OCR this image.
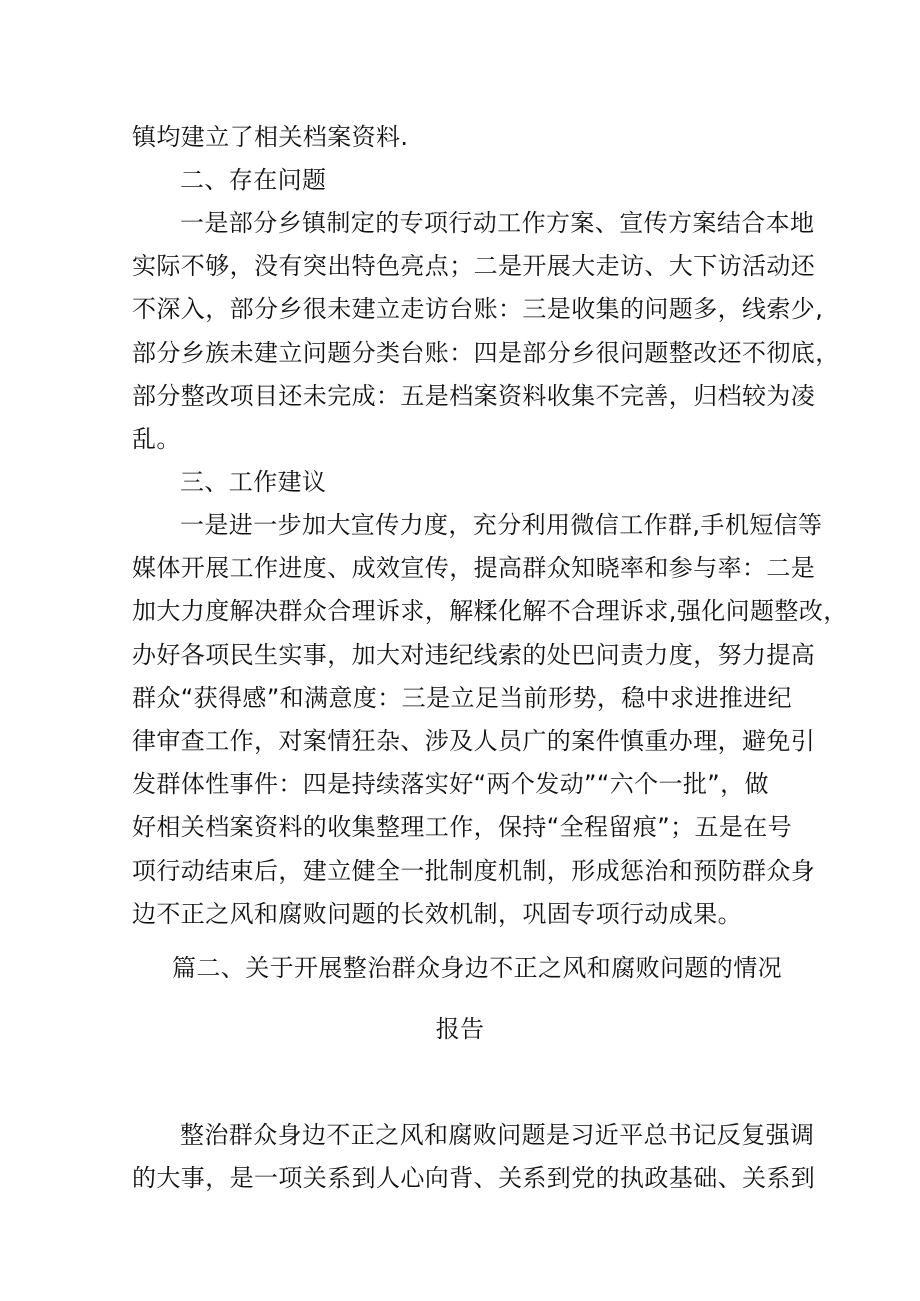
镇均建立了相关档案资料.
二、存在问题
一是部分乡镇制定的专项行动工作方案、宣传方案结合本地
实际不够，没有突出特色亮点；二是开展大走访、大下访活动还
不深入，部分乡很未建立走访台账：三是收集的问题多，线索少,
部分乡族未建立问题分类台账：四是部分乡很问题整改还不彻底，
部分整改项目还未完成：五是档案资料收集不完善，归档较为凌
乱。
三、工作建议
一是进一步加大宣传力度，充分利用微信工作群,手机短信等
媒体开展工作进度、成效宣传，提高群众知晓率和参与率：二是
加大力度解决群众合理诉求，解糅化解不合理诉求,强化问题整改，
办好各项民生实事，加大对违纪线索的处巴问责力度，努力提高
群众“获得感”和满意度：三是立足当前形势，稳中求进推进纪
律审查工作，对案情狂杂、涉及人员广的案件慎重办理，避免引
发群体性事件：四是持续落实好“两个发动”“六个一批”，做
好相关档案资料的收集整理工作，保持“全程留痕”；五是在号
项行动结束后，建立健全一批制度机制，形成惩治和预防群众身
边不正之风和腐败问题的长效机制，巩固专项行动成果。
篇二、关于开展整治群众身边不正之风和腐败问题的情况
报告
整治群众身边不正之风和腐败问题是习近平总书记反复强调
的大事，是一项关系到人心向背、关系到党的执政基础、关系到
